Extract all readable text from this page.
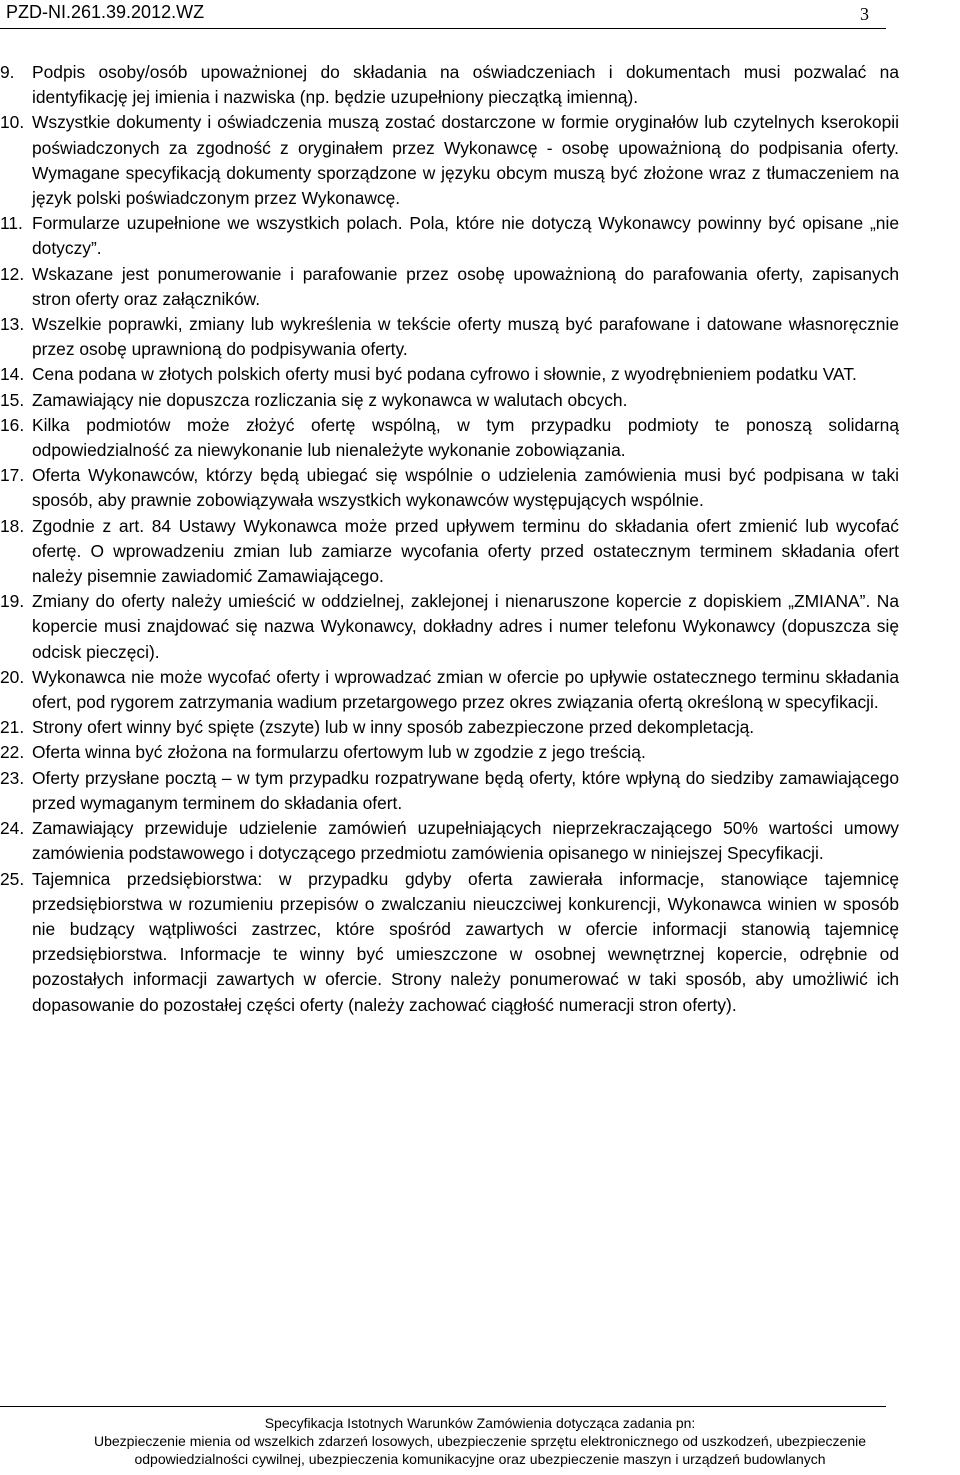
PZD-NI.261.39.2012.WZ	3
9. Podpis osoby/osób upoważnionej do składania na oświadczeniach i dokumentach musi pozwalać na identyfikację jej imienia i nazwiska (np. będzie uzupełniony pieczątką imienną).
10. Wszystkie dokumenty i oświadczenia muszą zostać dostarczone w formie oryginałów lub czytelnych kserokopii poświadczonych za zgodność z oryginałem przez Wykonawcę - osobę upoważnioną do podpisania oferty. Wymagane specyfikacją dokumenty sporządzone w języku obcym muszą być złożone wraz z tłumaczeniem na język polski poświadczonym przez Wykonawcę.
11. Formularze uzupełnione we wszystkich polach. Pola, które nie dotyczą Wykonawcy powinny być opisane „nie dotyczy”.
12. Wskazane jest ponumerowanie i parafowanie przez osobę upoważnioną do parafowania oferty, zapisanych stron oferty oraz załączników.
13. Wszelkie poprawki, zmiany lub wykreślenia w tekście oferty muszą być parafowane i datowane własnoręcznie przez osobę uprawnioną do podpisywania oferty.
14. Cena podana w złotych polskich oferty musi być podana cyfrowo i słownie, z wyodrębnieniem podatku VAT.
15. Zamawiający nie dopuszcza rozliczania się z wykonawca w walutach obcych.
16. Kilka podmiotów może złożyć ofertę wspólną, w tym przypadku podmioty te ponoszą solidarną odpowiedzialność za niewykonanie lub nienależyte wykonanie zobowiązania.
17. Oferta Wykonawców, którzy będą ubiegać się wspólnie o udzielenia zamówienia musi być podpisana w taki sposób, aby prawnie zobowiązywała wszystkich wykonawców występujących wspólnie.
18. Zgodnie z art. 84 Ustawy Wykonawca może przed upływem terminu do składania ofert zmienić lub wycofać ofertę. O wprowadzeniu zmian lub zamiarze wycofania oferty przed ostatecznym terminem składania ofert należy pisemnie zawiadomić Zamawiającego.
19. Zmiany do oferty należy umieścić w oddzielnej, zaklejonej i nienaruszone kopercie z dopiskiem „ZMIANA”. Na kopercie musi znajdować się nazwa Wykonawcy, dokładny adres i numer telefonu Wykonawcy (dopuszcza się odcisk pieczęci).
20. Wykonawca nie może wycofać oferty i wprowadzać zmian w ofercie po upływie ostatecznego terminu składania ofert, pod rygorem zatrzymania wadium przetargowego przez okres związania ofertą określoną w specyfikacji.
21. Strony ofert winny być spięte (zszyte) lub w inny sposób zabezpieczone przed dekompletacją.
22. Oferta winna być złożona na formularzu ofertowym lub w zgodzie z jego treścią.
23. Oferty przysłane pocztą – w tym przypadku rozpatrywane będą oferty, które wpłyną do siedziby zamawiającego przed wymaganym terminem do składania ofert.
24. Zamawiający przewiduje udzielenie zamówień uzupełniających nieprzekraczającego 50% wartości umowy zamówienia podstawowego i dotyczącego przedmiotu zamówienia opisanego w niniejszej Specyfikacji.
25. Tajemnica przedsiębiorstwa: w przypadku gdyby oferta zawierała informacje, stanowiące tajemnicę przedsiębiorstwa w rozumieniu przepisów o zwalczaniu nieuczciwej konkurencji, Wykonawca winien w sposób nie budzący wątpliwości zastrzec, które spośród zawartych w ofercie informacji stanowią tajemnicę przedsiębiorstwa. Informacje te winny być umieszczone w osobnej wewnętrznej kopercie, odrębnie od pozostałych informacji zawartych w ofercie. Strony należy ponumerować w taki sposób, aby umożliwić ich dopasowanie do pozostałej części oferty (należy zachować ciągłość numeracji stron oferty).
Specyfikacja Istotnych Warunków Zamówienia dotycząca zadania pn:
Ubezpieczenie mienia od wszelkich zdarzeń losowych, ubezpieczenie sprzętu elektronicznego od uszkodzeń, ubezpieczenie
odpowiedzialności cywilnej, ubezpieczenia komunikacyjne oraz ubezpieczenie maszyn i urządzeń budowlanych
